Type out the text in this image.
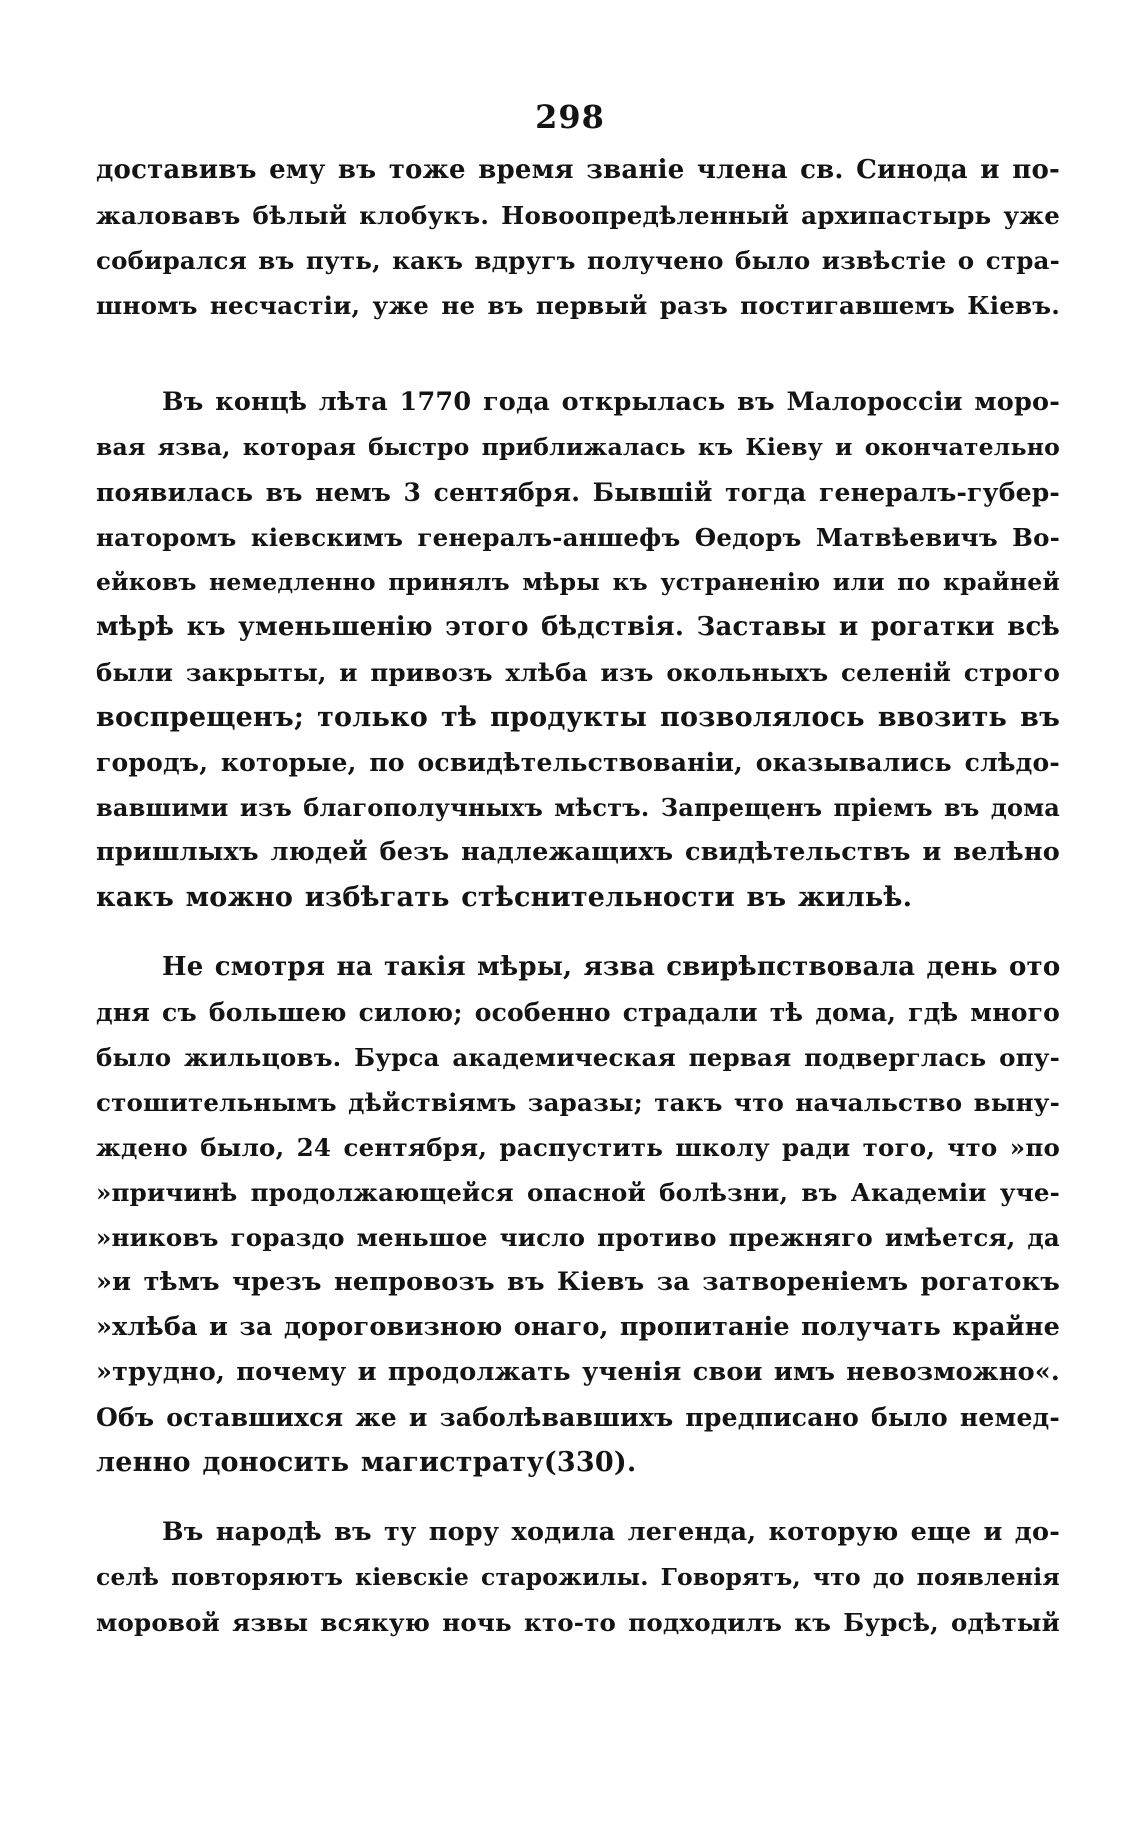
298
доставивъ ему въ тоже время званіе члена св. Синода и по-
жаловавъ бѣлый клобукъ. Новоопредѣленный архипастырь уже
собирался въ путь, какъ вдругъ получено было извѣстіе о стра-
шномъ несчастіи, уже не въ первый разъ постигавшемъ Кіевъ.
Въ концѣ лѣта 1770 года открылась въ Малороссіи моро-
вая язва, которая быстро приближалась къ Кіеву и окончательно
появилась въ немъ 3 сентября. Бывшій тогда генералъ-губер-
наторомъ кіевскимъ генералъ-аншефъ Ѳедоръ Матвѣевичъ Во-
ейковъ немедленно принялъ мѣры къ устраненію или по крайней
мѣрѣ къ уменьшенію этого бѣдствія. Заставы и рогатки всѣ
были закрыты, и привозъ хлѣба изъ окольныхъ селеній строго
воспрещенъ; только тѣ продукты позволялось ввозить въ
городъ, которые, по освидѣтельствованіи, оказывались слѣдо-
вавшими изъ благополучныхъ мѣстъ. Запрещенъ пріемъ въ дома
пришлыхъ людей безъ надлежащихъ свидѣтельствъ и велѣно
какъ можно избѣгать стѣснительности въ жильѣ.
Не смотря на такія мѣры, язва свирѣпствовала день ото
дня съ большею силою; особенно страдали тѣ дома, гдѣ много
было жильцовъ. Бурса академическая первая подверглась опу-
стошительнымъ дѣйствіямъ заразы; такъ что начальство выну-
ждено было, 24 сентября, распустить школу ради того, что »по
»причинѣ продолжающейся опасной болѣзни, въ Академіи уче-
»никовъ гораздо меньшое число противо прежняго имѣется, да
»и тѣмъ чрезъ непровозъ въ Кіевъ за затвореніемъ рогатокъ
»хлѣба и за дороговизною онаго, пропитаніе получать крайне
»трудно, почему и продолжать ученія свои имъ невозможно«.
Объ оставшихся же и заболѣвавшихъ предписано было немед-
ленно доносить магистрату(330).
Въ народѣ въ ту пору ходила легенда, которую еще и до-
селѣ повторяютъ кіевскіе старожилы. Говорятъ, что до появленія
моровой язвы всякую ночь кто-то подходилъ къ Бурсѣ, одѣтый
